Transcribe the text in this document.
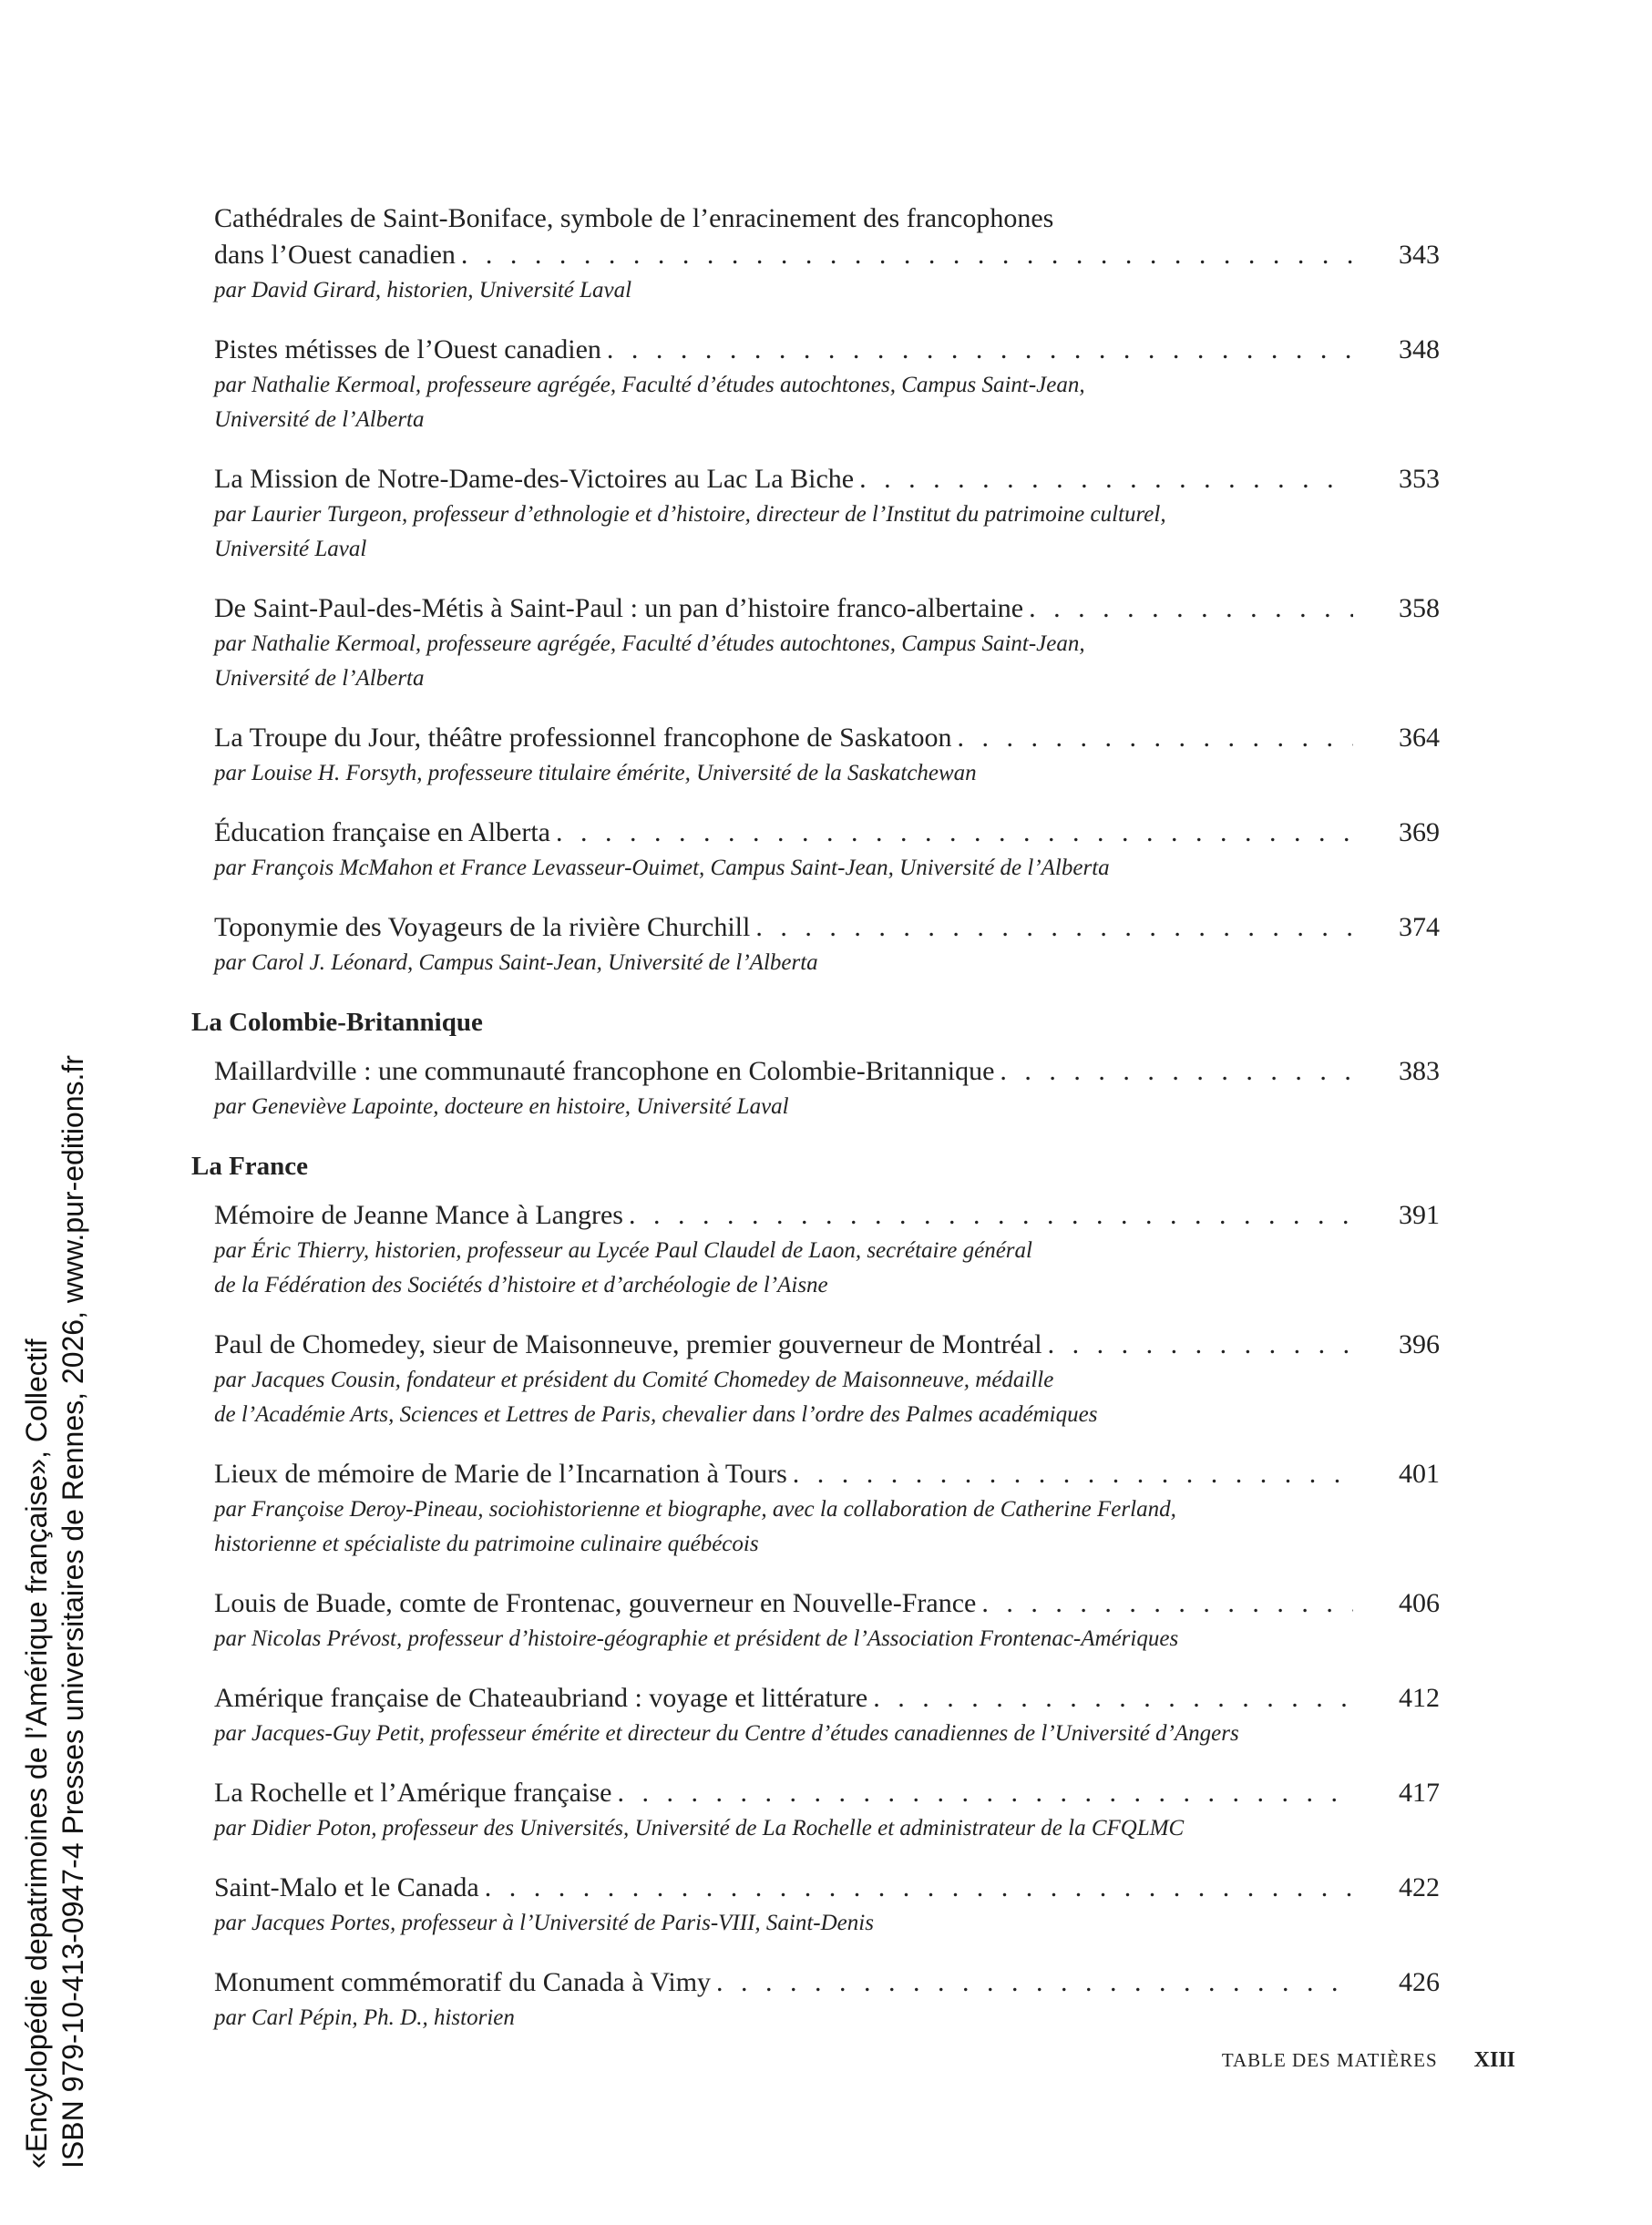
«Encyclopédie depatrimoines de l’Amérique française», Collectif ISBN 979-10-413-0947-4 Presses universitaires de Rennes, 2026, www.pur-editions.fr
Cathédrales de Saint-Boniface, symbole de l’enracinement des francophones
dans l’Ouest canadien . . .	343
par David Girard, historien, Université Laval
Pistes métisses de l’Ouest canadien . . .	348
par Nathalie Kermoal, professeure agrégée, Faculté d’études autochtones, Campus Saint-Jean,
Université de l’Alberta
La Mission de Notre-Dame-des-Victoires au Lac La Biche . . .	353
par Laurier Turgeon, professeur d’ethnologie et d’histoire, directeur de l’Institut du patrimoine culturel,
Université Laval
De Saint-Paul-des-Métis à Saint-Paul : un pan d’histoire franco-albertaine . . .	358
par Nathalie Kermoal, professeure agrégée, Faculté d’études autochtones, Campus Saint-Jean,
Université de l’Alberta
La Troupe du Jour, théâtre professionnel francophone de Saskatoon . . .	364
par Louise H. Forsyth, professeure titulaire émérite, Université de la Saskatchewan
Éducation française en Alberta . . .	369
par François McMahon et France Levasseur-Ouimet, Campus Saint-Jean, Université de l’Alberta
Toponymie des Voyageurs de la rivière Churchill . . .	374
par Carol J. Léonard, Campus Saint-Jean, Université de l’Alberta
La Colombie-Britannique
Maillardville : une communauté francophone en Colombie-Britannique . . .	383
par Geneviève Lapointe, docteure en histoire, Université Laval
La France
Mémoire de Jeanne Mance à Langres . . .	391
par Éric Thierry, historien, professeur au Lycée Paul Claudel de Laon, secrétaire général
de la Fédération des Sociétés d’histoire et d’archéologie de l’Aisne
Paul de Chomedey, sieur de Maisonneuve, premier gouverneur de Montréal . . .	396
par Jacques Cousin, fondateur et président du Comité Chomedey de Maisonneuve, médaille
de l’Académie Arts, Sciences et Lettres de Paris, chevalier dans l’ordre des Palmes académiques
Lieux de mémoire de Marie de l’Incarnation à Tours . . .	401
par Françoise Deroy-Pineau, sociohistorienne et biographe, avec la collaboration de Catherine Ferland,
historienne et spécialiste du patrimoine culinaire québécois
Louis de Buade, comte de Frontenac, gouverneur en Nouvelle-France . . .	406
par Nicolas Prévost, professeur d’histoire-géographie et président de l’Association Frontenac-Amériques
Amérique française de Chateaubriand : voyage et littérature . . .	412
par Jacques-Guy Petit, professeur émérite et directeur du Centre d’études canadiennes de l’Université d’Angers
La Rochelle et l’Amérique française . . .	417
par Didier Poton, professeur des Universités, Université de La Rochelle et administrateur de la CFQLMC
Saint-Malo et le Canada . . .	422
par Jacques Portes, professeur à l’Université de Paris-VIII, Saint-Denis
Monument commémoratif du Canada à Vimy . . .	426
par Carl Pépin, Ph. D., historien
TABLE DES MATIÈRES XIII
